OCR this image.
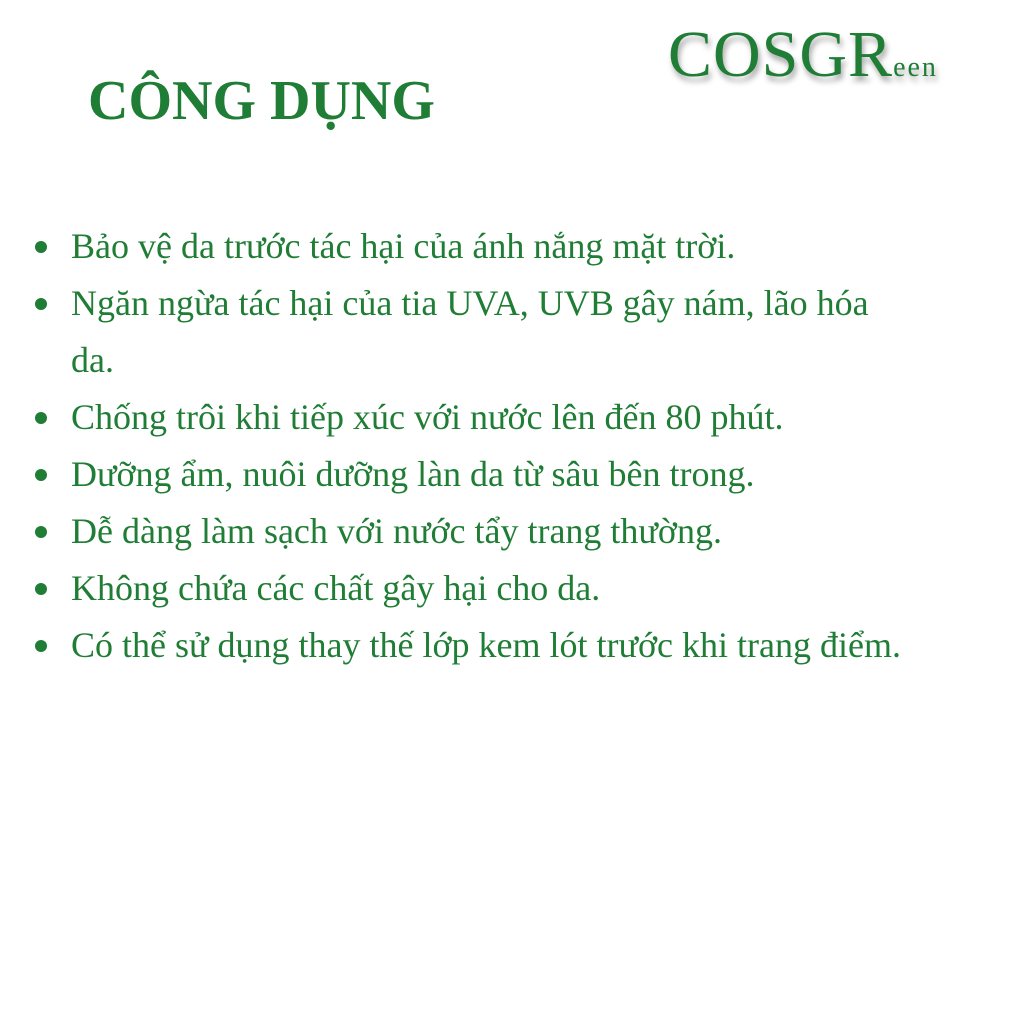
COSGReen
CÔNG DỤNG
Bảo vệ da trước tác hại của ánh nắng mặt trời.
Ngăn ngừa tác hại của tia UVA, UVB gây nám, lão hóa da.
Chống trôi khi tiếp xúc với nước lên đến 80 phút.
Dưỡng ẩm, nuôi dưỡng làn da từ sâu bên trong.
Dễ dàng làm sạch với nước tẩy trang thường.
Không chứa các chất gây hại cho da.
Có thể sử dụng thay thế lớp kem lót trước khi trang điểm.
